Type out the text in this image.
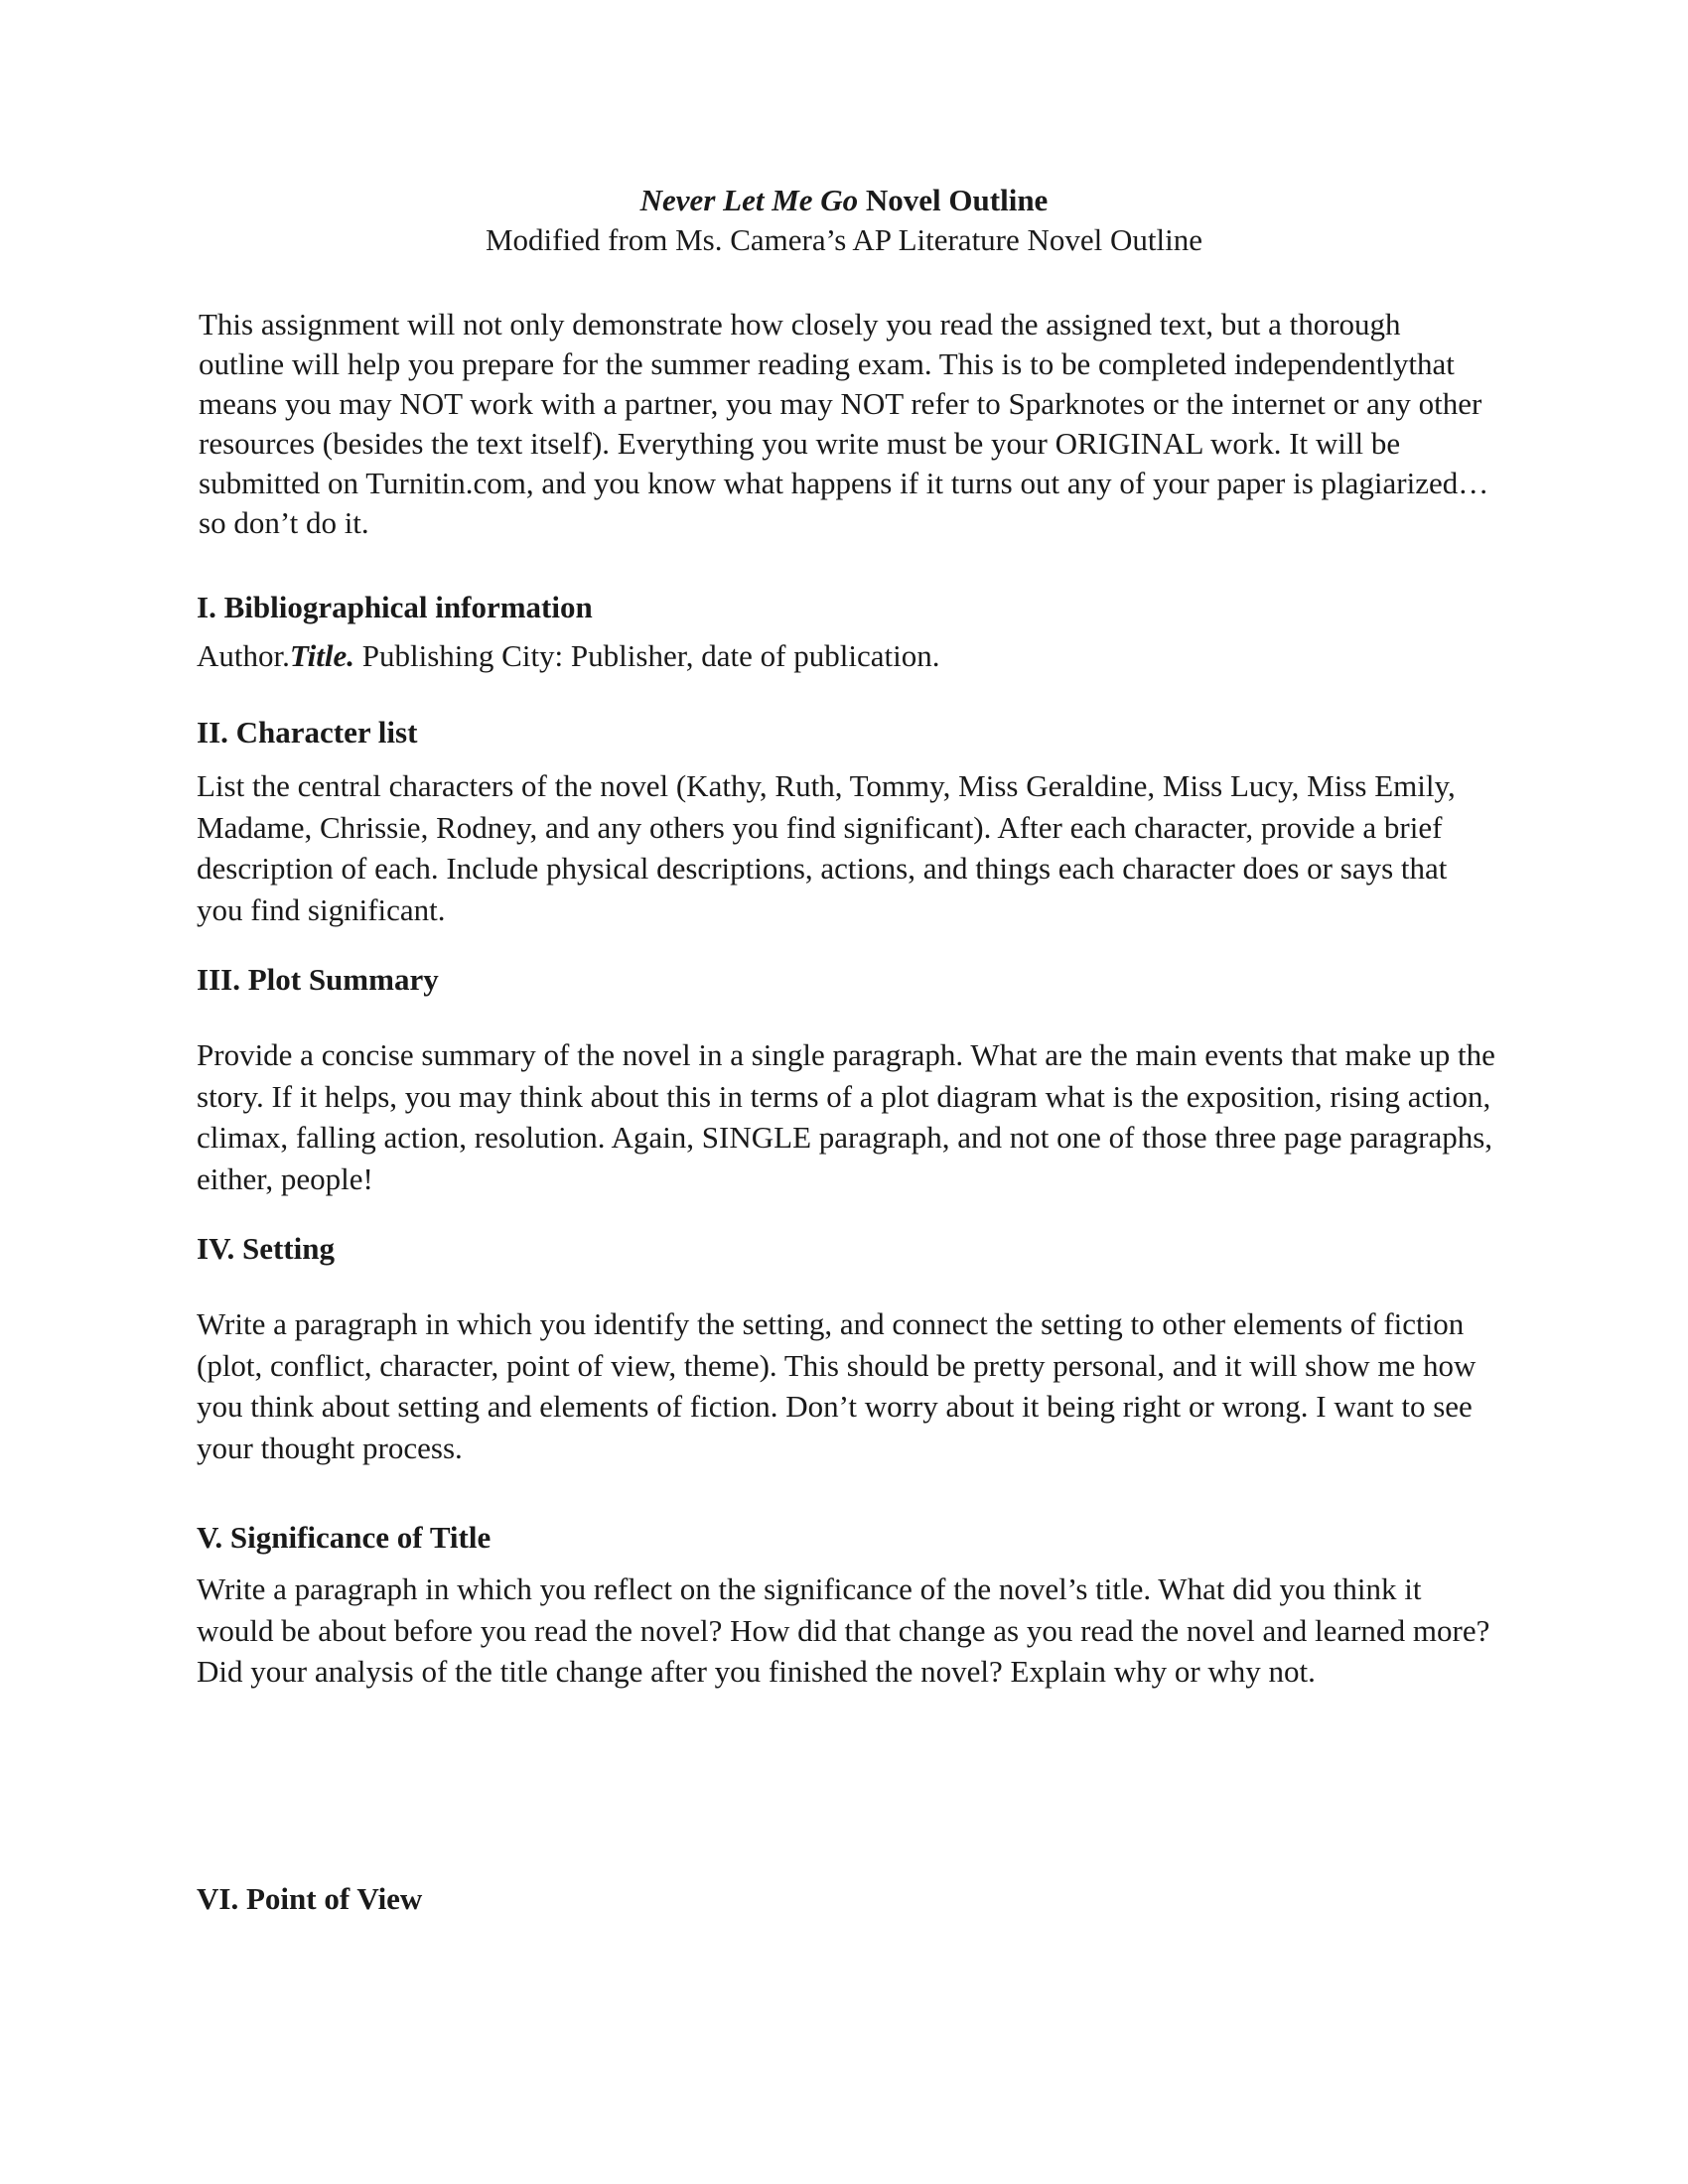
Never Let Me Go Novel Outline

Modified from Ms. Camera’s AP Literature Novel Outline

This assignment will not only demonstrate how closely you read the assigned text, but a thorough outline will help you prepare for the summer reading exam. This is to be completed independentlythat means you may NOT work with a partner, you may NOT refer to Sparknotes or the internet or any other resources (besides the text itself). Everything you write must be your ORIGINAL work. It will be submitted on Turnitin.com, and you know what happens if it turns out any of your paper is plagiarized… so don’t do it.

I. Bibliographical information

Author.Title. Publishing City: Publisher, date of publication.

II. Character list

List the central characters of the novel (Kathy, Ruth, Tommy, Miss Geraldine, Miss Lucy, Miss Emily, Madame, Chrissie, Rodney, and any others you find significant). After each character, provide a brief description of each. Include physical descriptions, actions, and things each character does or says that you find significant.

III. Plot Summary

Provide a concise summary of the novel in a single paragraph. What are the main events that make up the story. If it helps, you may think about this in terms of a plot diagram what is the exposition, rising action, climax, falling action, resolution. Again, SINGLE paragraph, and not one of those three page paragraphs, either, people!

IV. Setting

Write a paragraph in which you identify the setting, and connect the setting to other elements of fiction (plot, conflict, character, point of view, theme). This should be pretty personal, and it will show me how you think about setting and elements of fiction. Don’t worry about it being right or wrong. I want to see your thought process.

V. Significance of Title

Write a paragraph in which you reflect on the significance of the novel’s title. What did you think it would be about before you read the novel? How did that change as you read the novel and learned more? Did your analysis of the title change after you finished the novel? Explain why or why not.

VI. Point of View
